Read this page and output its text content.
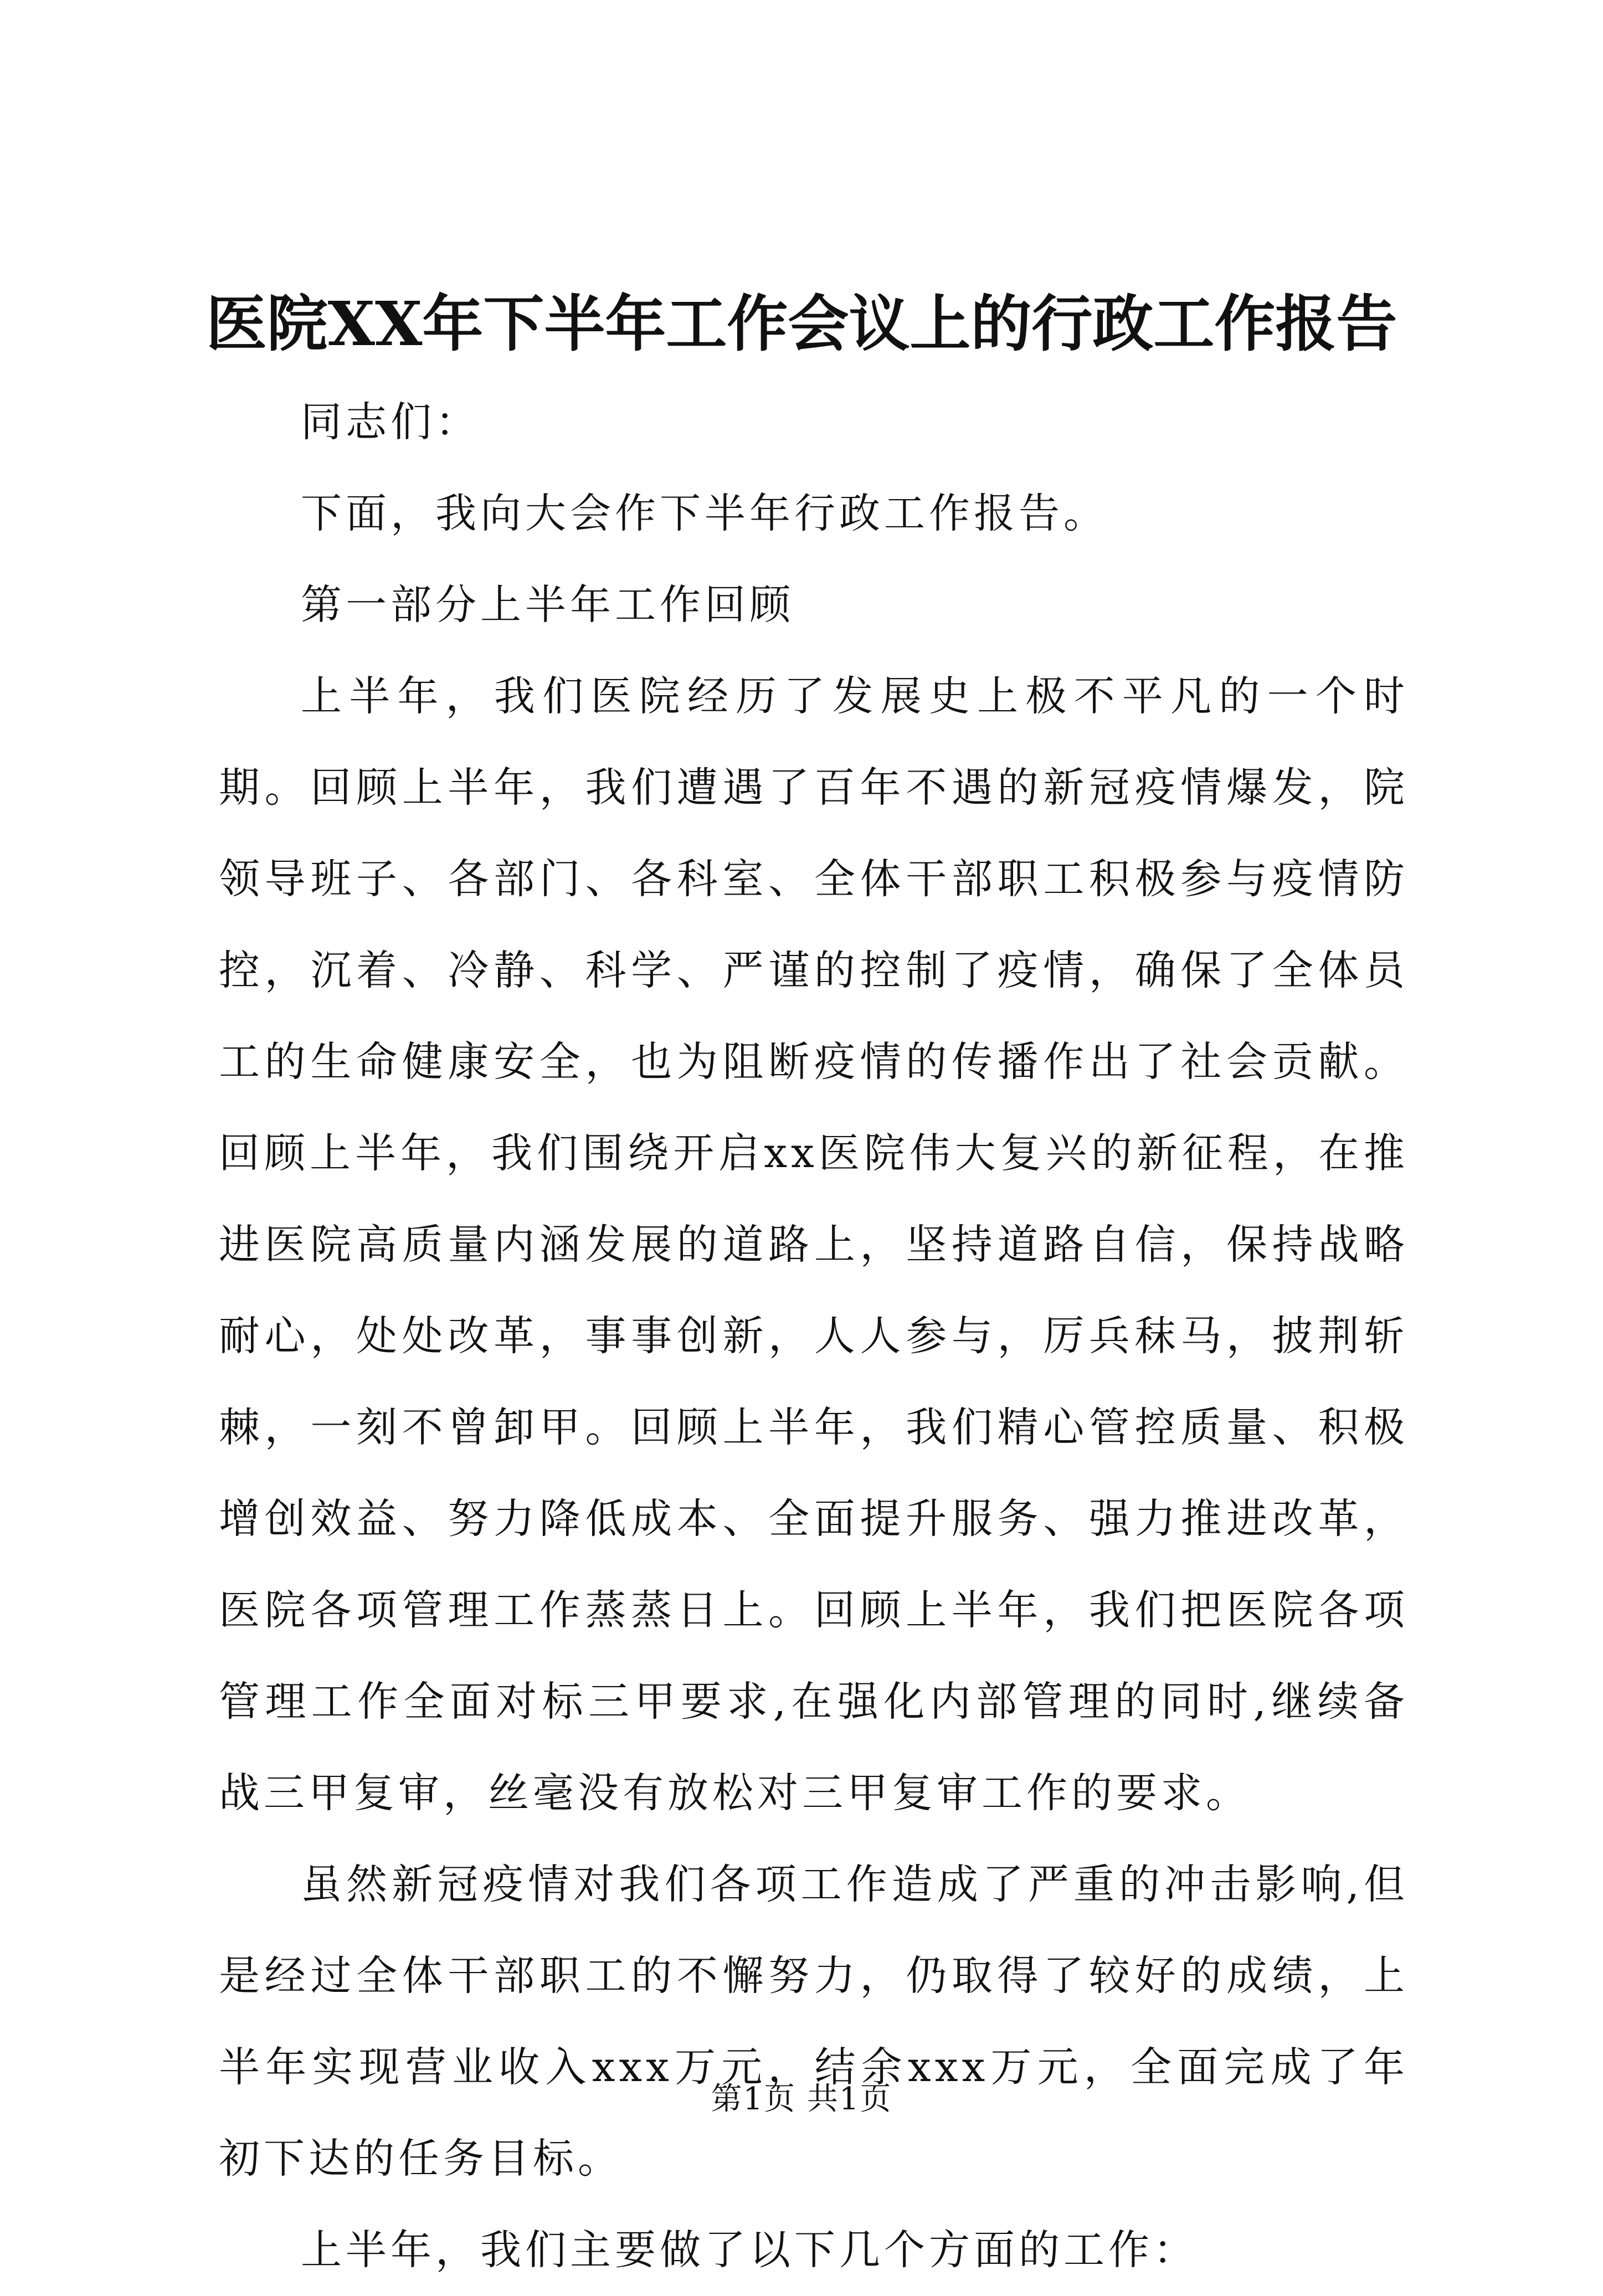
医院XX年下半年工作会议上的行政工作报告

同志们：

下面，我向大会作下半年行政工作报告。

第一部分上半年工作回顾

上半年，我们医院经历了发展史上极不平凡的一个时期。回顾上半年，我们遭遇了百年不遇的新冠疫情爆发，院领导班子、各部门、各科室、全体干部职工积极参与疫情防控，沉着、冷静、科学、严谨的控制了疫情，确保了全体员工的生命健康安全，也为阻断疫情的传播作出了社会贡献。回顾上半年，我们围绕开启xx医院伟大复兴的新征程，在推进医院高质量内涵发展的道路上，坚持道路自信，保持战略耐心，处处改革，事事创新，人人参与，厉兵秣马，披荆斩棘，一刻不曾卸甲。回顾上半年，我们精心管控质量、积极增创效益、努力降低成本、全面提升服务、强力推进改革，医院各项管理工作蒸蒸日上。回顾上半年，我们把医院各项管理工作全面对标三甲要求,在强化内部管理的同时,继续备战三甲复审，丝毫没有放松对三甲复审工作的要求。

虽然新冠疫情对我们各项工作造成了严重的冲击影响,但是经过全体干部职工的不懈努力，仍取得了较好的成绩，上半年实现营业收入xxx万元，结余xxx万元，全面完成了年初下达的任务目标。

上半年，我们主要做了以下几个方面的工作：

第1页 共1页
